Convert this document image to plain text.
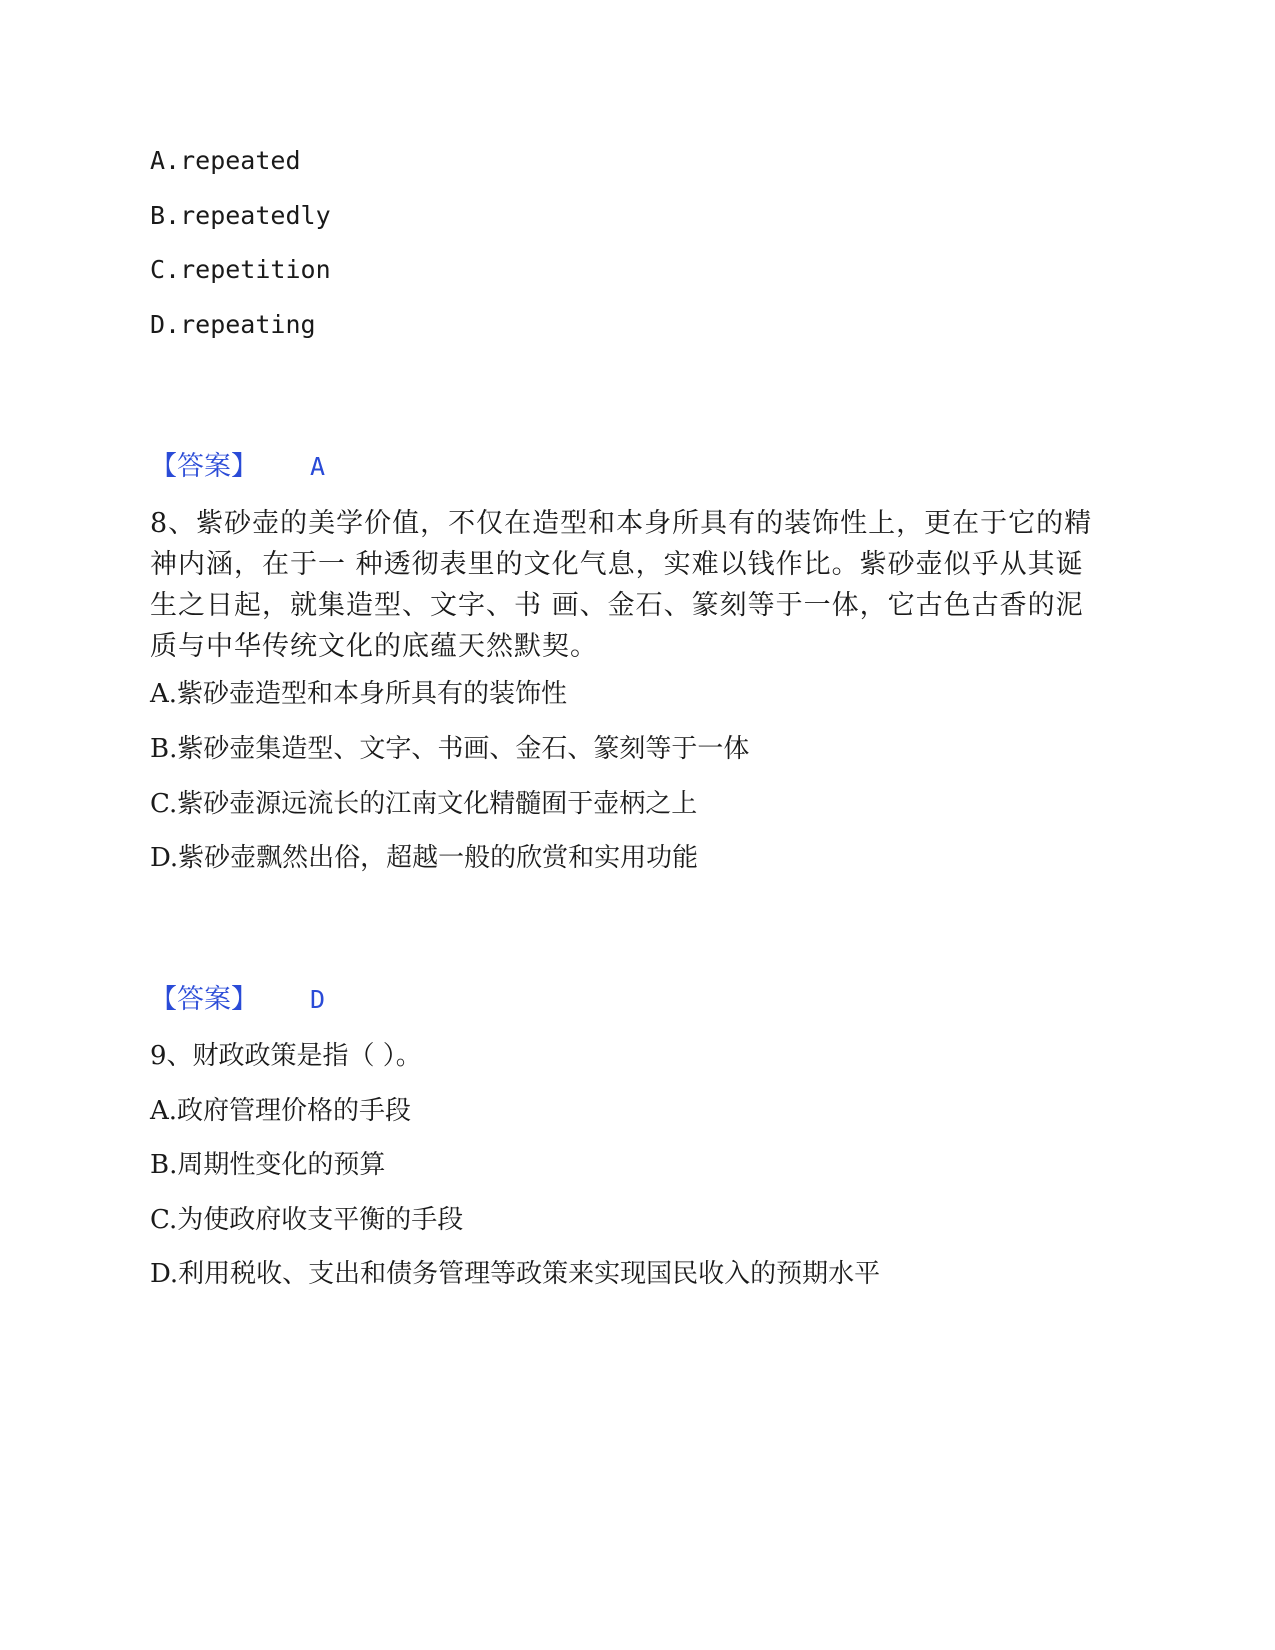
A.repeated
B.repeatedly
C.repetition
D.repeating
【答案】 A
8、紫砂壶的美学价值，不仅在造型和本身所具有的装饰性上，更在于它的精神内涵，在于一 种透彻表里的文化气息，实难以钱作比。紫砂壶似乎从其诞生之日起，就集造型、文字、书 画、金石、篆刻等于一体，它古色古香的泥质与中华传统文化的底蕴天然默契。
A.紫砂壶造型和本身所具有的装饰性
B.紫砂壶集造型、文字、书画、金石、篆刻等于一体
C.紫砂壶源远流长的江南文化精髓囿于壶柄之上
D.紫砂壶飘然出俗，超越一般的欣赏和实用功能
【答案】 D
9、财政政策是指（ ）。
A.政府管理价格的手段
B.周期性变化的预算
C.为使政府收支平衡的手段
D.利用税收、支出和债务管理等政策来实现国民收入的预期水平
